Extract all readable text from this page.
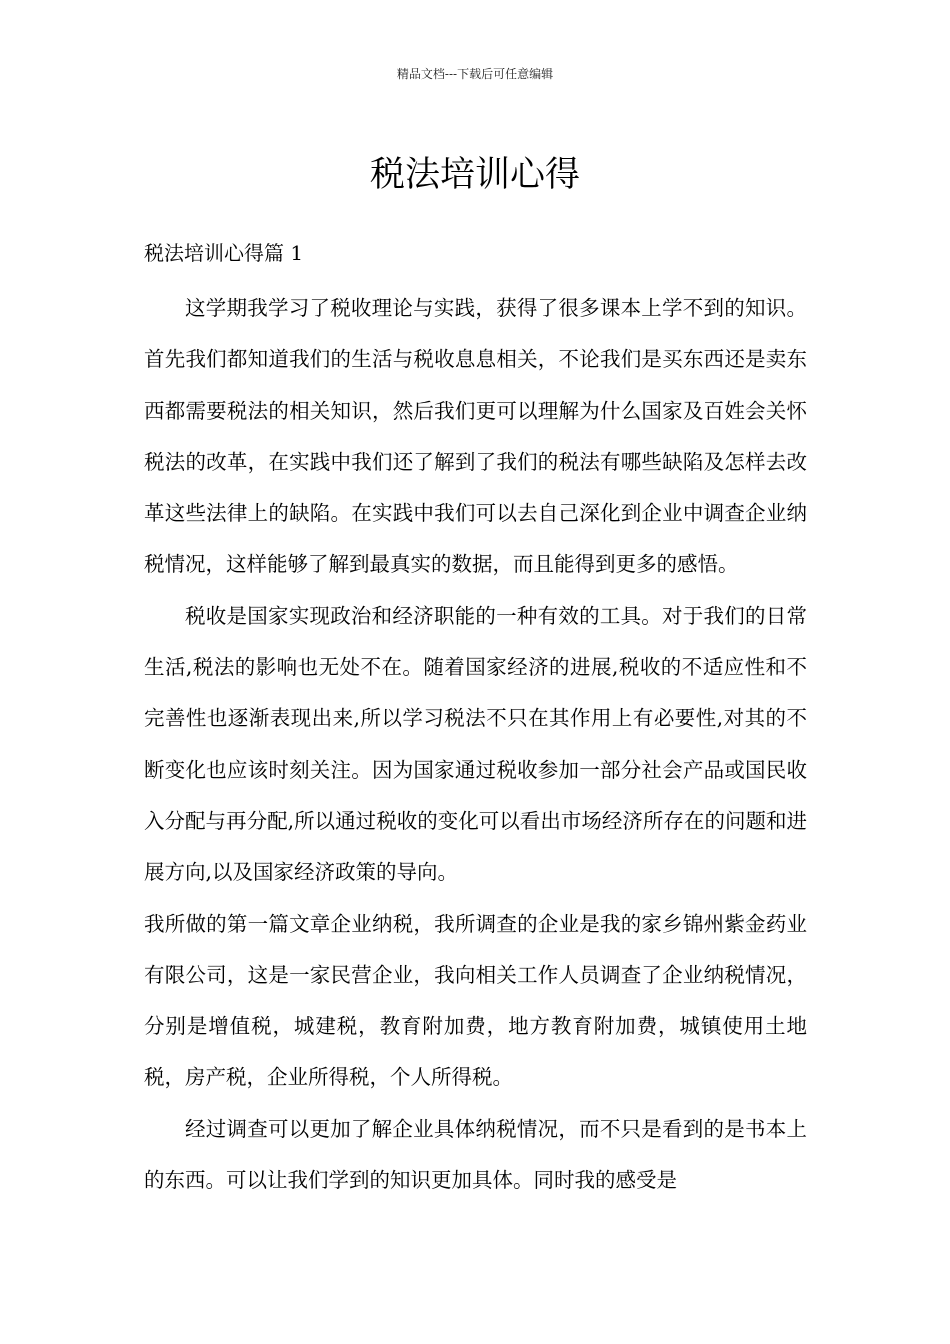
精品文档---下载后可任意编辑
税法培训心得
税法培训心得篇 1

这学期我学习了税收理论与实践，获得了很多课本上学不到的知识。首先我们都知道我们的生活与税收息息相关，不论我们是买东西还是卖东西都需要税法的相关知识，然后我们更可以理解为什么国家及百姓会关怀税法的改革，在实践中我们还了解到了我们的税法有哪些缺陷及怎样去改革这些法律上的缺陷。在实践中我们可以去自己深化到企业中调查企业纳税情况，这样能够了解到最真实的数据，而且能得到更多的感悟。

税收是国家实现政治和经济职能的一种有效的工具。对于我们的日常生活,税法的影响也无处不在。随着国家经济的进展,税收的不适应性和不完善性也逐渐表现出来,所以学习税法不只在其作用上有必要性,对其的不断变化也应该时刻关注。因为国家通过税收参加一部分社会产品或国民收入分配与再分配,所以通过税收的变化可以看出市场经济所存在的问题和进展方向,以及国家经济政策的导向。

我所做的第一篇文章企业纳税，我所调查的企业是我的家乡锦州紫金药业有限公司，这是一家民营企业，我向相关工作人员调查了企业纳税情况，分别是增值税，城建税，教育附加费，地方教育附加费，城镇使用土地税，房产税，企业所得税，个人所得税。

经过调查可以更加了解企业具体纳税情况，而不只是看到的是书本上的东西。可以让我们学到的知识更加具体。同时我的感受是
